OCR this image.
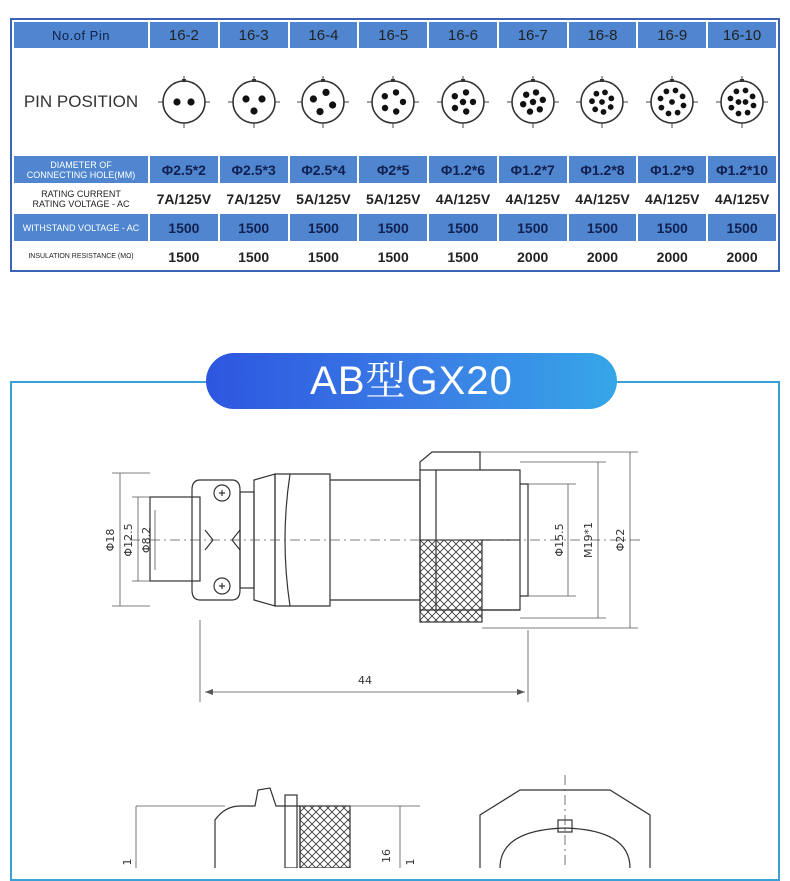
No.of Pin	16-2	16-3	16-4	16-5	16-6	16-7	16-8	16-9	16-10
PIN POSITION	

DIAMETER OF
CONNECTING HOLE(MM)	Φ2.5*2	Φ2.5*3	Φ2.5*4	Φ2*5	Φ1.2*6	Φ1.2*7	Φ1.2*8	Φ1.2*9	Φ1.2*10
RATING CURRENT
RATING VOLTAGE - AC	7A/125V	7A/125V	5A/125V	5A/125V	4A/125V	4A/125V	4A/125V	4A/125V	4A/125V
WITHSTAND VOLTAGE - AC	1500	1500	1500	1500	1500	1500	1500	1500	1500
INSULATION RESISTANCE (MΩ)	1500	1500	1500	1500	1500	2000	2000	2000	2000
Φ18 Φ12.5 Φ8.2	Φ15.5 M19*1 Φ22
44
1	16 1
AB型GX20
